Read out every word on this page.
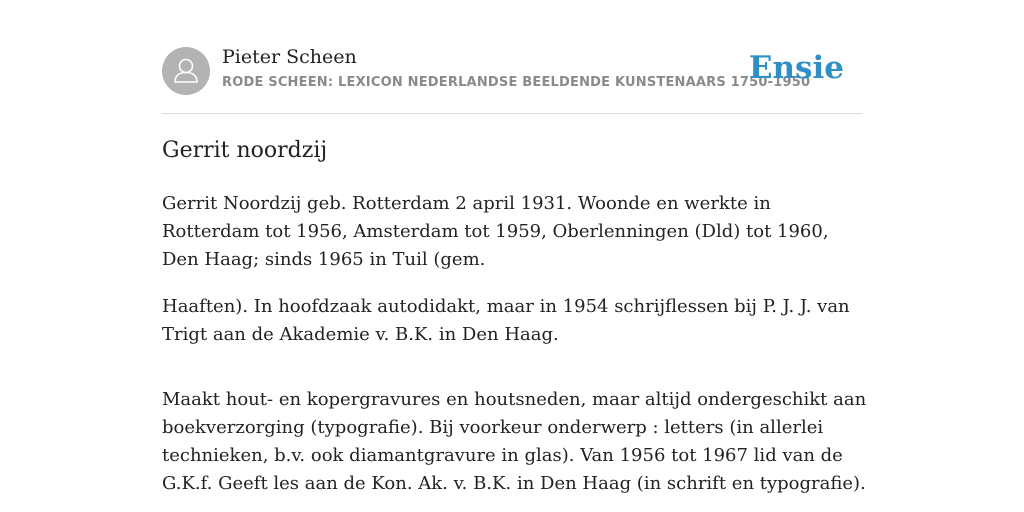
Pieter Scheen
RODE SCHEEN: LEXICON NEDERLANDSE BEELDENDE KUNSTENAARS 1750-1950
Ensie
Gerrit noordzij

Gerrit Noordzij geb. Rotterdam 2 april 1931. Woonde en werkte in Rotterdam tot 1956, Amsterdam tot 1959, Oberlenningen (Dld) tot 1960, Den Haag; sinds 1965 in Tuil (gem.

Haaften). In hoofdzaak autodidakt, maar in 1954 schrijflessen bij P. J. J. van Trigt aan de Akademie v. B.K. in Den Haag.

Maakt hout- en kopergravures en houtsneden, maar altijd ondergeschikt aan boekverzorging (typografie). Bij voorkeur onderwerp : letters (in allerlei technieken, b.v. ook diamantgravure in glas). Van 1956 tot 1967 lid van de G.K.f. Geeft les aan de Kon. Ak. v. B.K. in Den Haag (in schrift en typografie).
